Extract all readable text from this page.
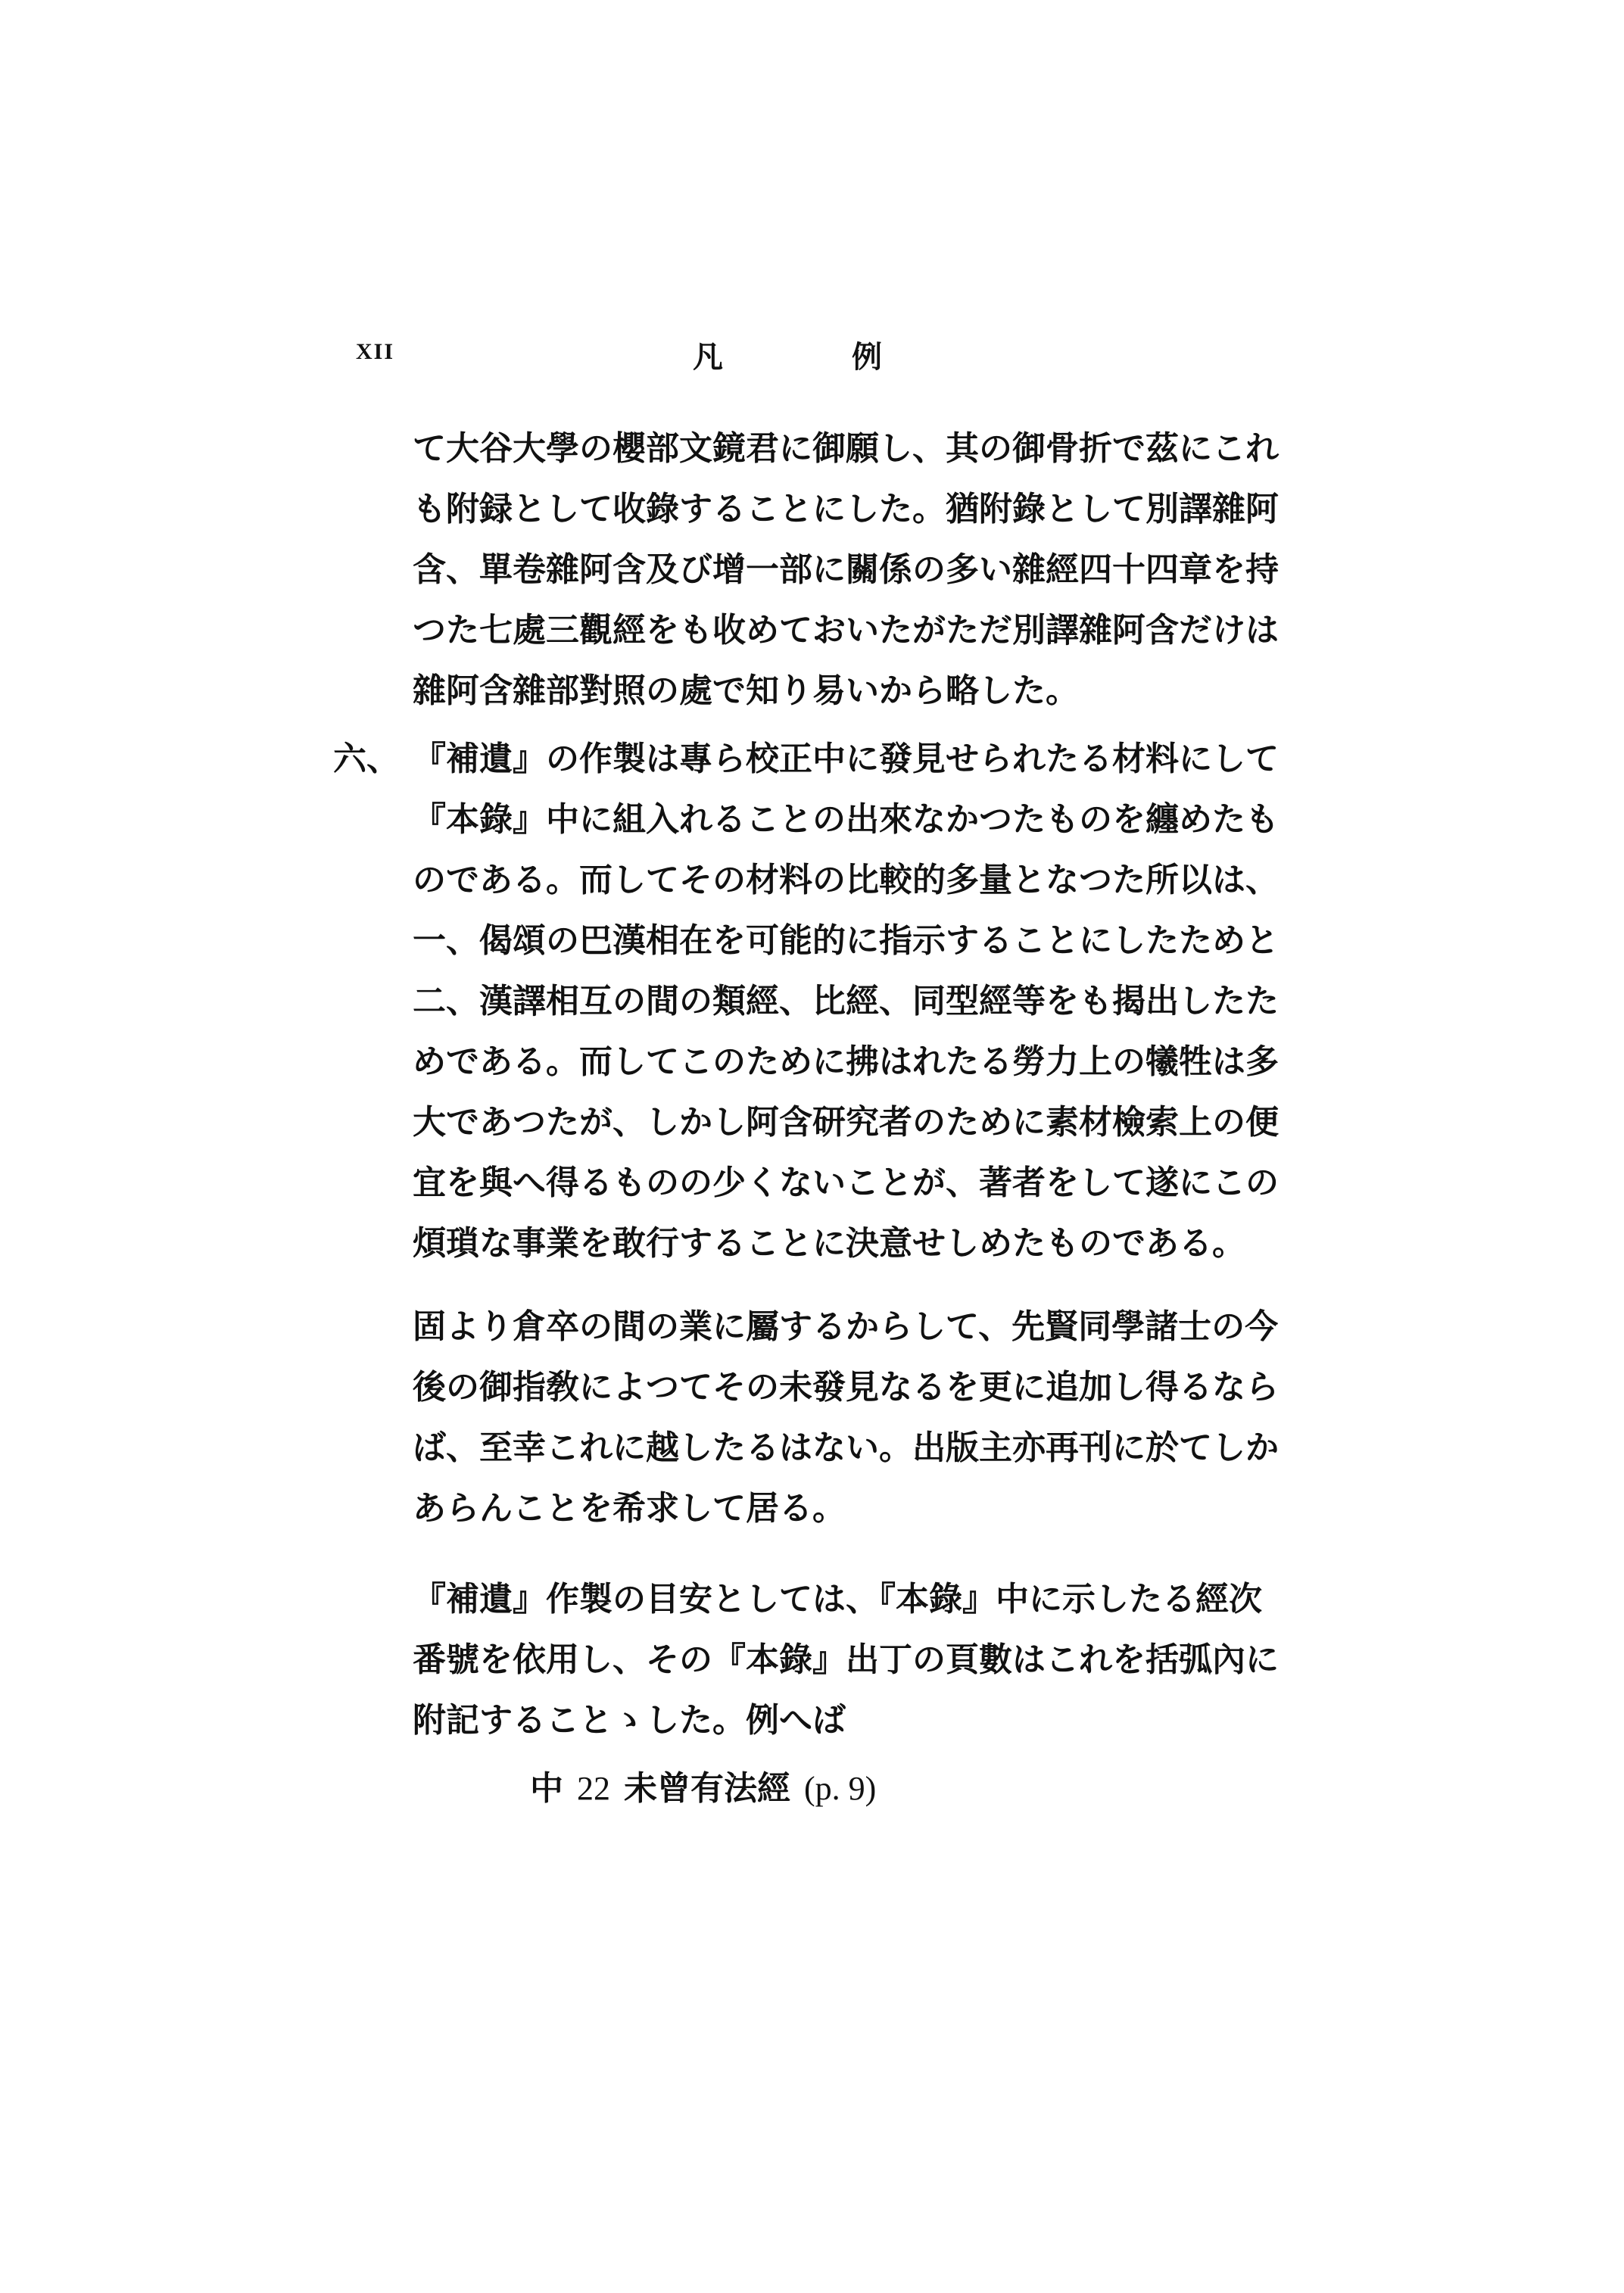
XII	凡例
て大谷大學の櫻部文鏡君に御願し、其の御骨折で茲にこれ
も附録として收錄することにした。猶附錄として別譯雜阿
含、單卷雜阿含及び增一部に關係の多い雜經四十四章を持
つた七處三觀經をも收めておいたがただ別譯雜阿含だけは
雜阿含雜部對照の處で知り易いから略した。
六、 『補遺』の作製は專ら校正中に發見せられたる材料にして
『本錄』中に組入れることの出來なかつたものを纏めたも
のである。而してその材料の比較的多量となつた所以は、
一、偈頌の巴漢相在を可能的に指示することにしたためと
二、漢譯相互の間の類經、比經、同型經等をも揭出したた
めである。而してこのために拂はれたる勞力上の犧牲は多
大であつたが、しかし阿含研究者のために素材檢索上の便
宜を與へ得るものの少くないことが、著者をして遂にこの
煩瑣な事業を敢行することに決意せしめたものである。
固より倉卒の間の業に屬するからして、先賢同學諸士の今
後の御指敎によつてその未發見なるを更に追加し得るなら
ば、至幸これに越したるはない。出版主亦再刊に於てしか
あらんことを希求して居る。
『補遺』作製の目安としては、『本錄』中に示したる經次
番號を依用し、その『本錄』出丁の頁數はこれを括弧內に
附記することゝした。例へば
中 22 未曾有法經 (p. 9)
